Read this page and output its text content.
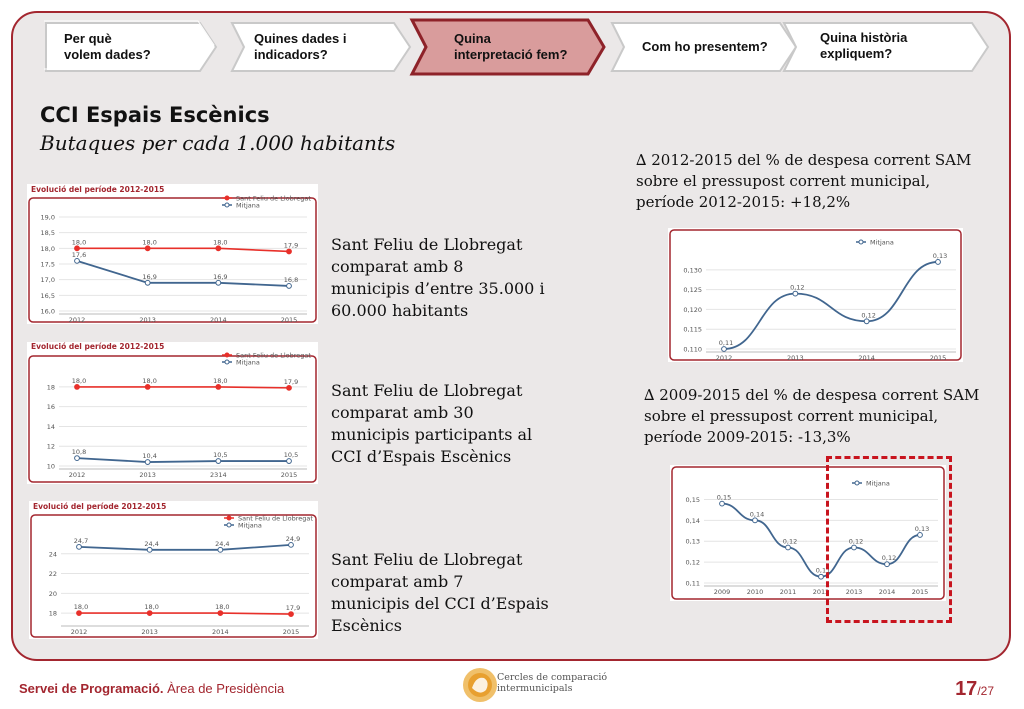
Per què
volem dades?
Quines dades i
indicadors?
Quina
interpretació fem?
Com ho presentem?
Quina història
expliquem?
CCI Espais Escènics
Butaques per cada 1.000 habitants
Evolució del període 2012-2015
19,0
18,5
18,0
17,5
17,0
16,5
16,0
2012	2013	2014	2015
Sant Feliu de Llobregat
Mitjana
18,0	18,0	18,0	17,9
17,6
16,9	16,9	16,8
Evolució del període 2012-2015
18
16
14
12
10
2012	2013	2314	2015
Sant Feliu de Llobregat
Mitjana
18,0	18,0	18,0	17,9
10,8	10,4	10,5	10,5
Evolució del període 2012-2015
24
22
20
18
2012	2013	2014	2015
Sant Feliu de Llobregat
Mitjana
18,0	18,0	18,0	17,9
24,7	24,4	24,4
24,9
0,130
0,125
0,120
0,115
0,110
2012	2013	2014	2015
Mitjana
0,11
0,12
0,12
0,13
0,15
0,14
0,13
0,12
0,11
2009	2010	2011	2012	2013	2014	2015
Mitjana
0,15
0,14
0,12
0,11
0,12
0,12
0,13
Sant Feliu de Llobregat
comparat amb 8
municipis d’entre 35.000 i
60.000 habitants
Sant Feliu de Llobregat
comparat amb 30
municipis participants al
CCI d’Espais Escènics
Sant Feliu de Llobregat
comparat amb 7
municipis del CCI d’Espais
Escènics
∆ 2012-2015 del % de despesa corrent SAM
sobre el pressupost corrent municipal,
període 2012-2015: +18,2%
∆ 2009-2015 del % de despesa corrent SAM
sobre el pressupost corrent municipal,
període 2009-2015: -13,3%
Servei de Programació. Àrea de Presidència
Cercles de comparació
intermunicipals	17/27
